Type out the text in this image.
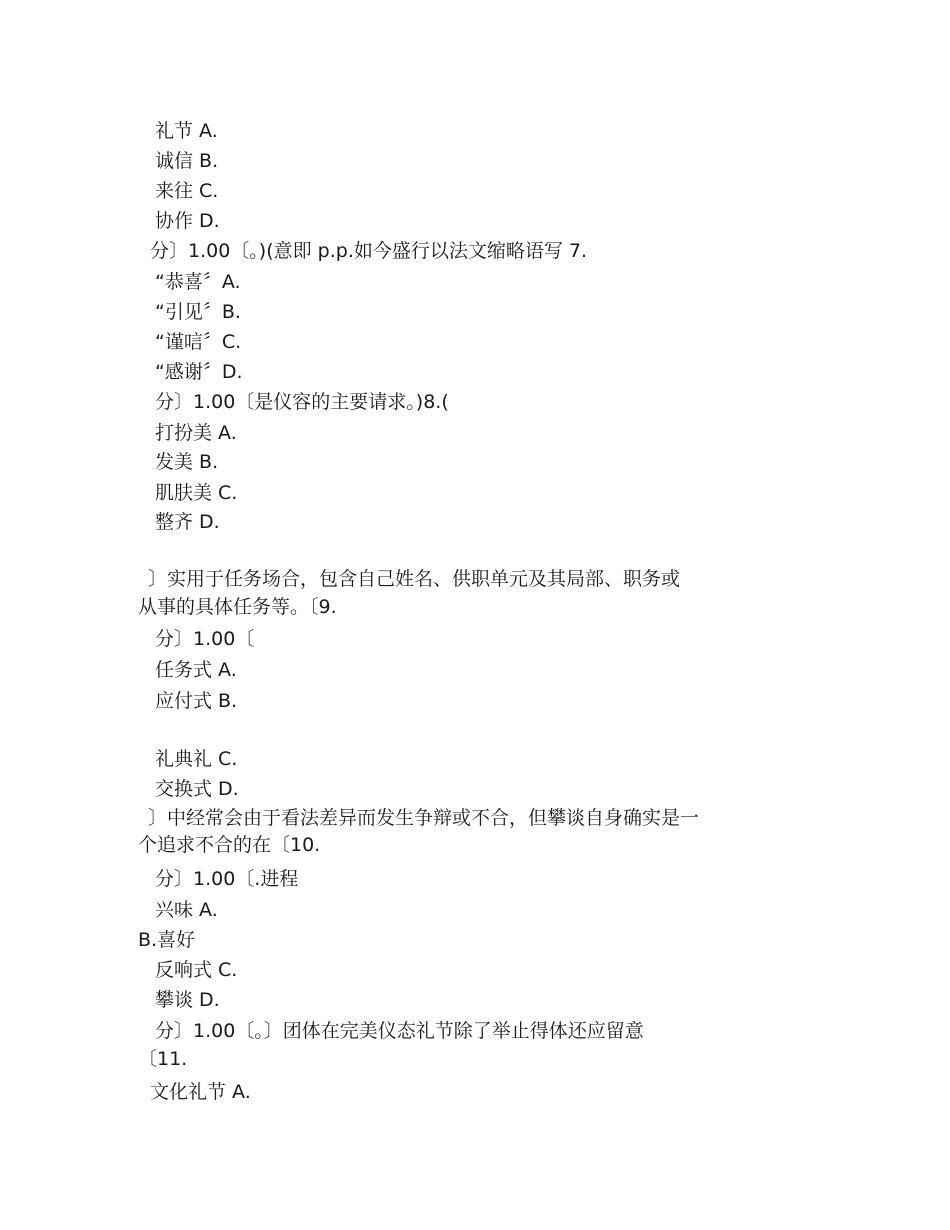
礼节 A.
诚信 B.
来往 C.
协作 D.
分〕1.00〔。)(意即 p.p.如今盛行以法文缩略语写 7.
“恭喜〞A.
“引见〞B.
“谨唁〞C.
“感谢〞D.
分〕1.00〔是仪容的主要请求。)8.(
打扮美 A.
发美 B.
肌肤美 C.
整齐 D.
〕实用于任务场合，包含自己姓名、供职单元及其局部、职务或
从事的具体任务等。〔9.
分〕1.00〔
任务式 A.
应付式 B.
礼典礼 C.
交换式 D.
〕中经常会由于看法差异而发生争辩或不合，但攀谈自身确实是一
个追求不合的在〔10.
分〕1.00〔.进程
兴味 A.
B.喜好
反响式 C.
攀谈 D.
分〕1.00〔。〕团体在完美仪态礼节除了举止得体还应留意
〔11.
文化礼节 A.
